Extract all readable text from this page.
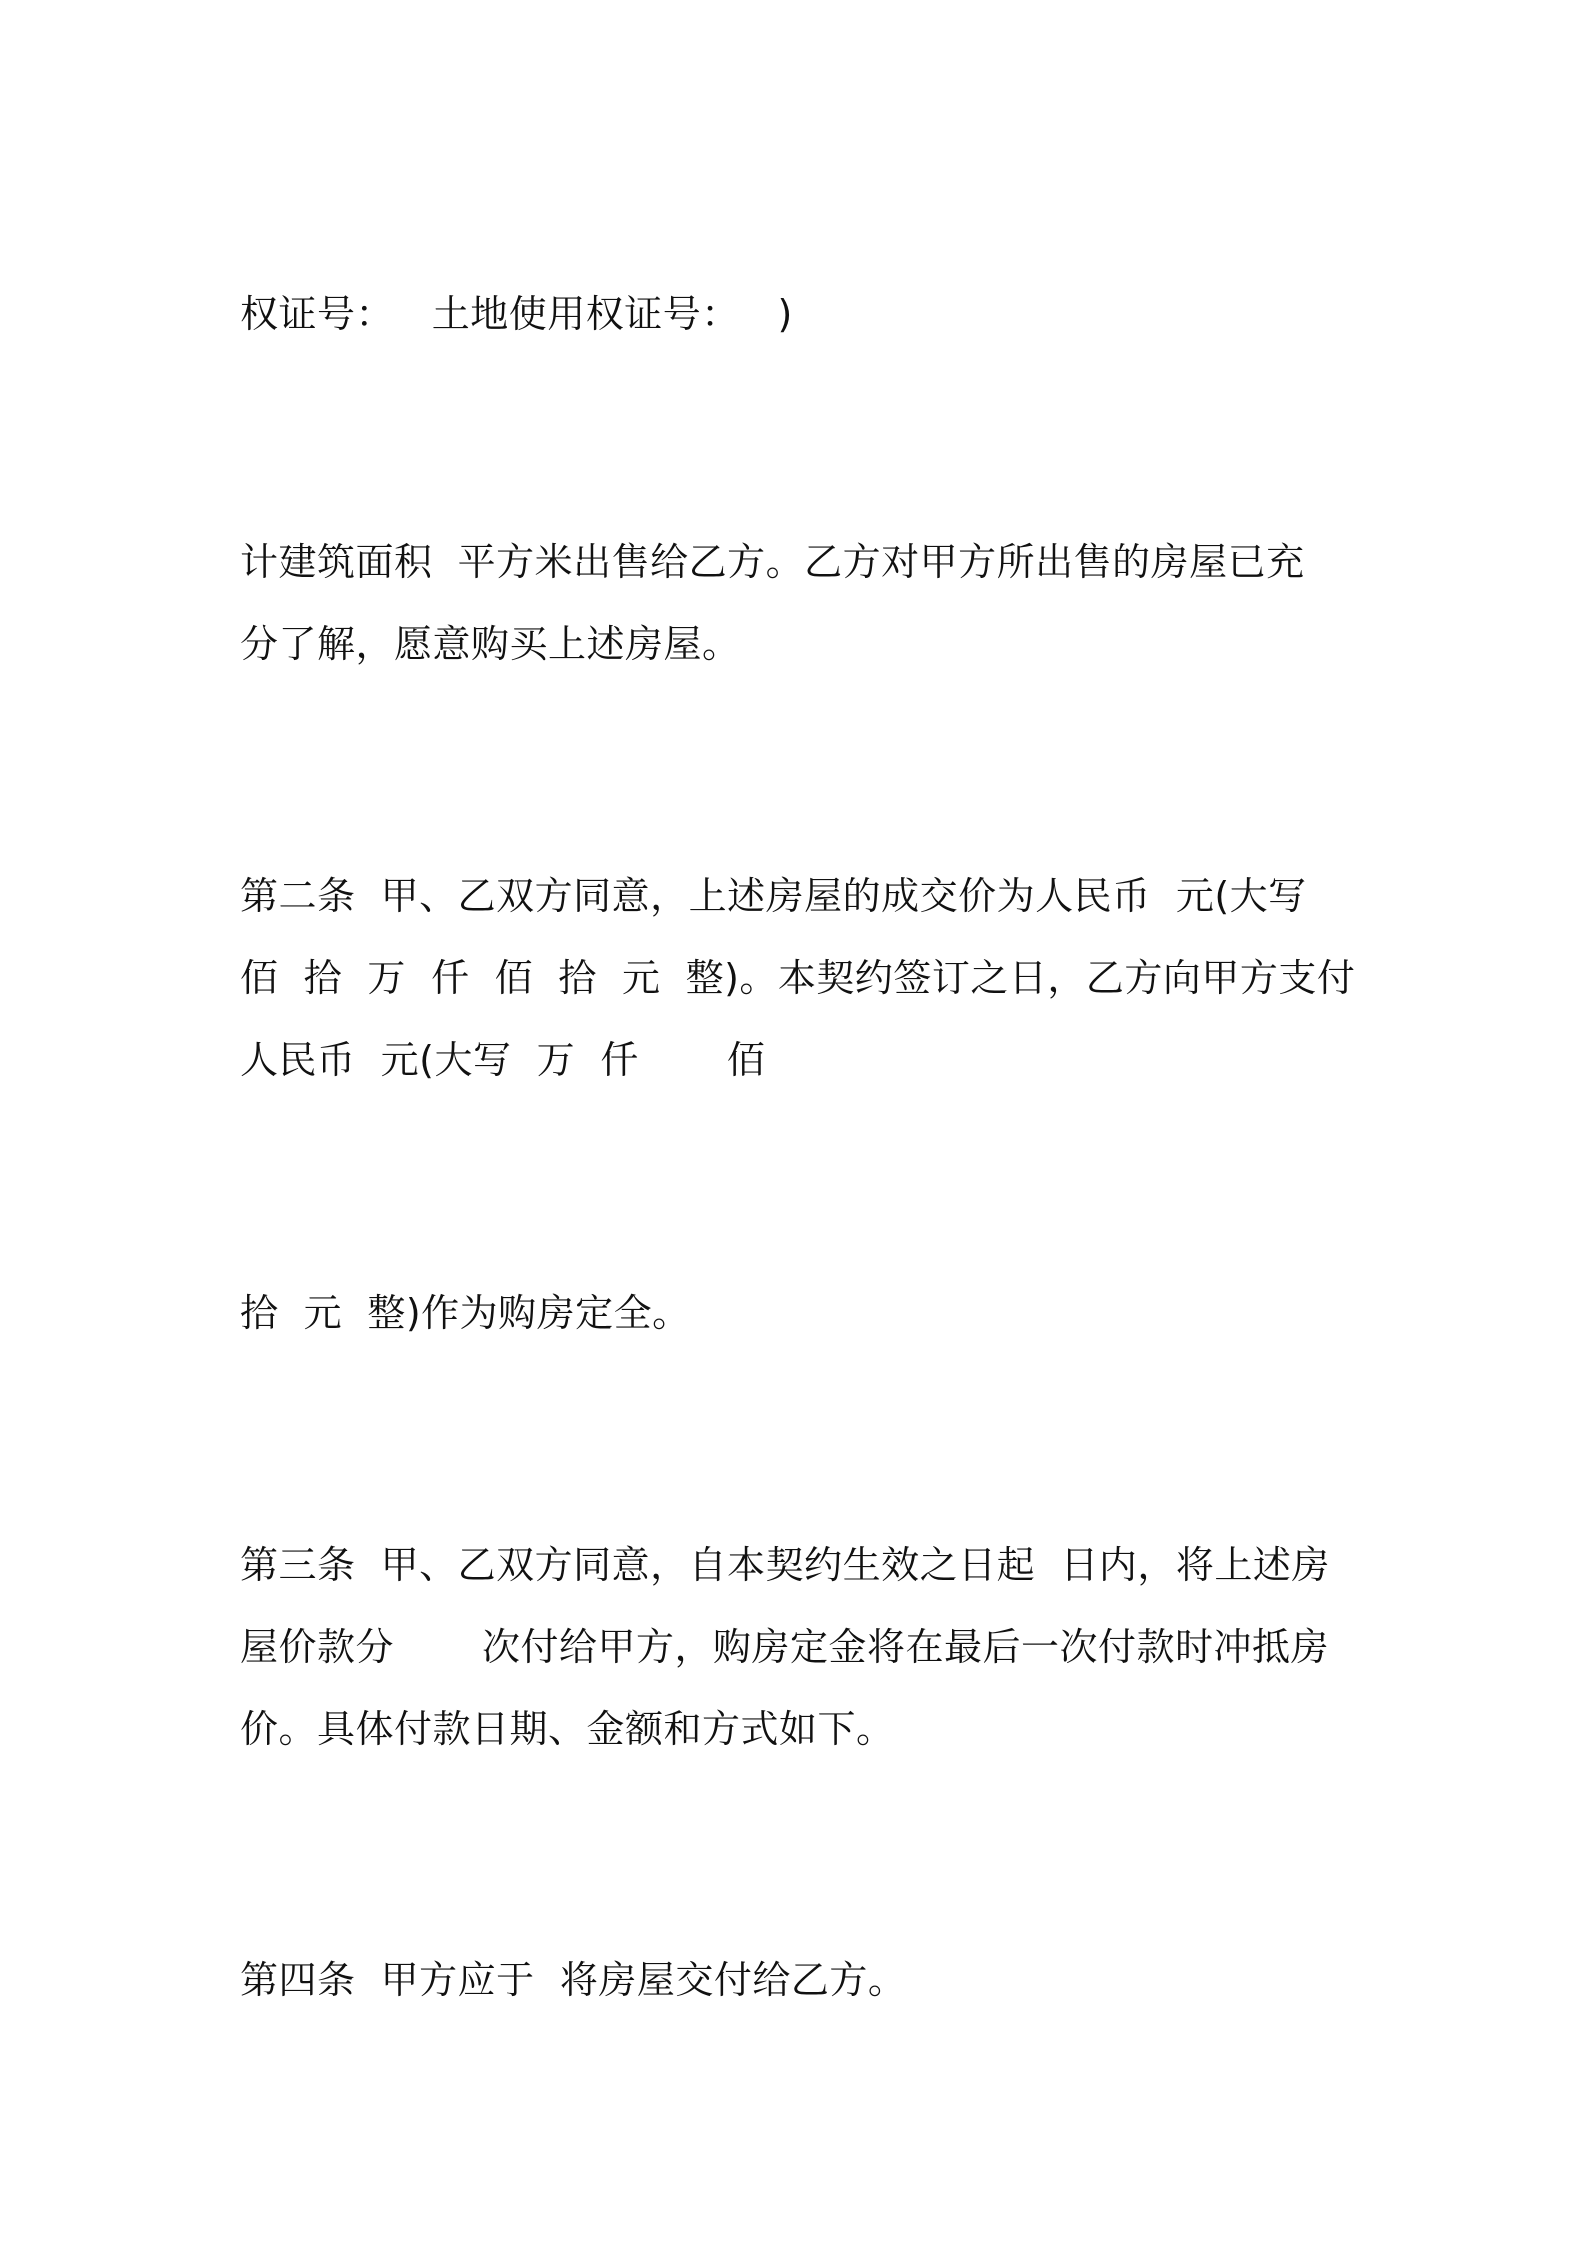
权证号：   土地使用权证号：   )
计建筑面积  平方米出售给乙方。乙方对甲方所出售的房屋已充
分了解，愿意购买上述房屋。
第二条  甲、乙双方同意，上述房屋的成交价为人民币  元(大写
佰  拾  万  仟  佰  拾  元  整)。本契约签订之日，乙方向甲方支付
人民币  元(大写  万  仟       佰
拾  元  整)作为购房定全。
第三条  甲、乙双方同意，自本契约生效之日起  日内，将上述房
屋价款分       次付给甲方，购房定金将在最后一次付款时冲抵房
价。具体付款日期、金额和方式如下。
第四条  甲方应于  将房屋交付给乙方。
